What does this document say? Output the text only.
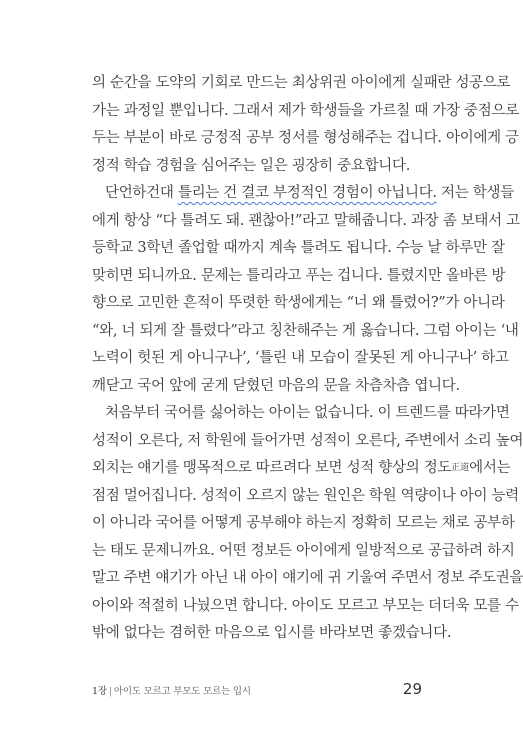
의 순간을 도약의 기회로 만드는 최상위권 아이에게 실패란 성공으로
가는 과정일 뿐입니다. 그래서 제가 학생들을 가르칠 때 가장 중점으로
두는 부분이 바로 긍정적 공부 정서를 형성해주는 겁니다. 아이에게 긍
정적 학습 경험을 심어주는 일은 굉장히 중요합니다.
단언하건대 틀리는 건 결코 부정적인 경험이 아닙니다. 저는 학생들
에게 항상 “다 틀려도 돼. 괜찮아!”라고 말해줍니다. 과장 좀 보태서 고
등학교 3학년 졸업할 때까지 계속 틀려도 됩니다. 수능 날 하루만 잘
맞히면 되니까요. 문제는 틀리라고 푸는 겁니다. 틀렸지만 올바른 방
향으로 고민한 흔적이 뚜렷한 학생에게는 “너 왜 틀렸어?”가 아니라
“와, 너 되게 잘 틀렸다”라고 칭찬해주는 게 옳습니다. 그럼 아이는 ‘내
노력이 헛된 게 아니구나’, ‘틀린 내 모습이 잘못된 게 아니구나’ 하고
깨닫고 국어 앞에 굳게 닫혔던 마음의 문을 차츰차츰 엽니다.
처음부터 국어를 싫어하는 아이는 없습니다. 이 트렌드를 따라가면
성적이 오른다, 저 학원에 들어가면 성적이 오른다, 주변에서 소리 높여
외치는 얘기를 맹목적으로 따르려다 보면 성적 향상의 정도正道에서는
점점 멀어집니다. 성적이 오르지 않는 원인은 학원 역량이나 아이 능력
이 아니라 국어를 어떻게 공부해야 하는지 정확히 모르는 채로 공부하
는 태도 문제니까요. 어떤 정보든 아이에게 일방적으로 공급하려 하지
말고 주변 얘기가 아닌 내 아이 얘기에 귀 기울여 주면서 정보 주도권을
아이와 적절히 나눴으면 합니다. 아이도 모르고 부모는 더더욱 모를 수
밖에 없다는 겸허한 마음으로 입시를 바라보면 좋겠습니다.
1장 | 아이도 모르고 부모도 모르는 입시	29
